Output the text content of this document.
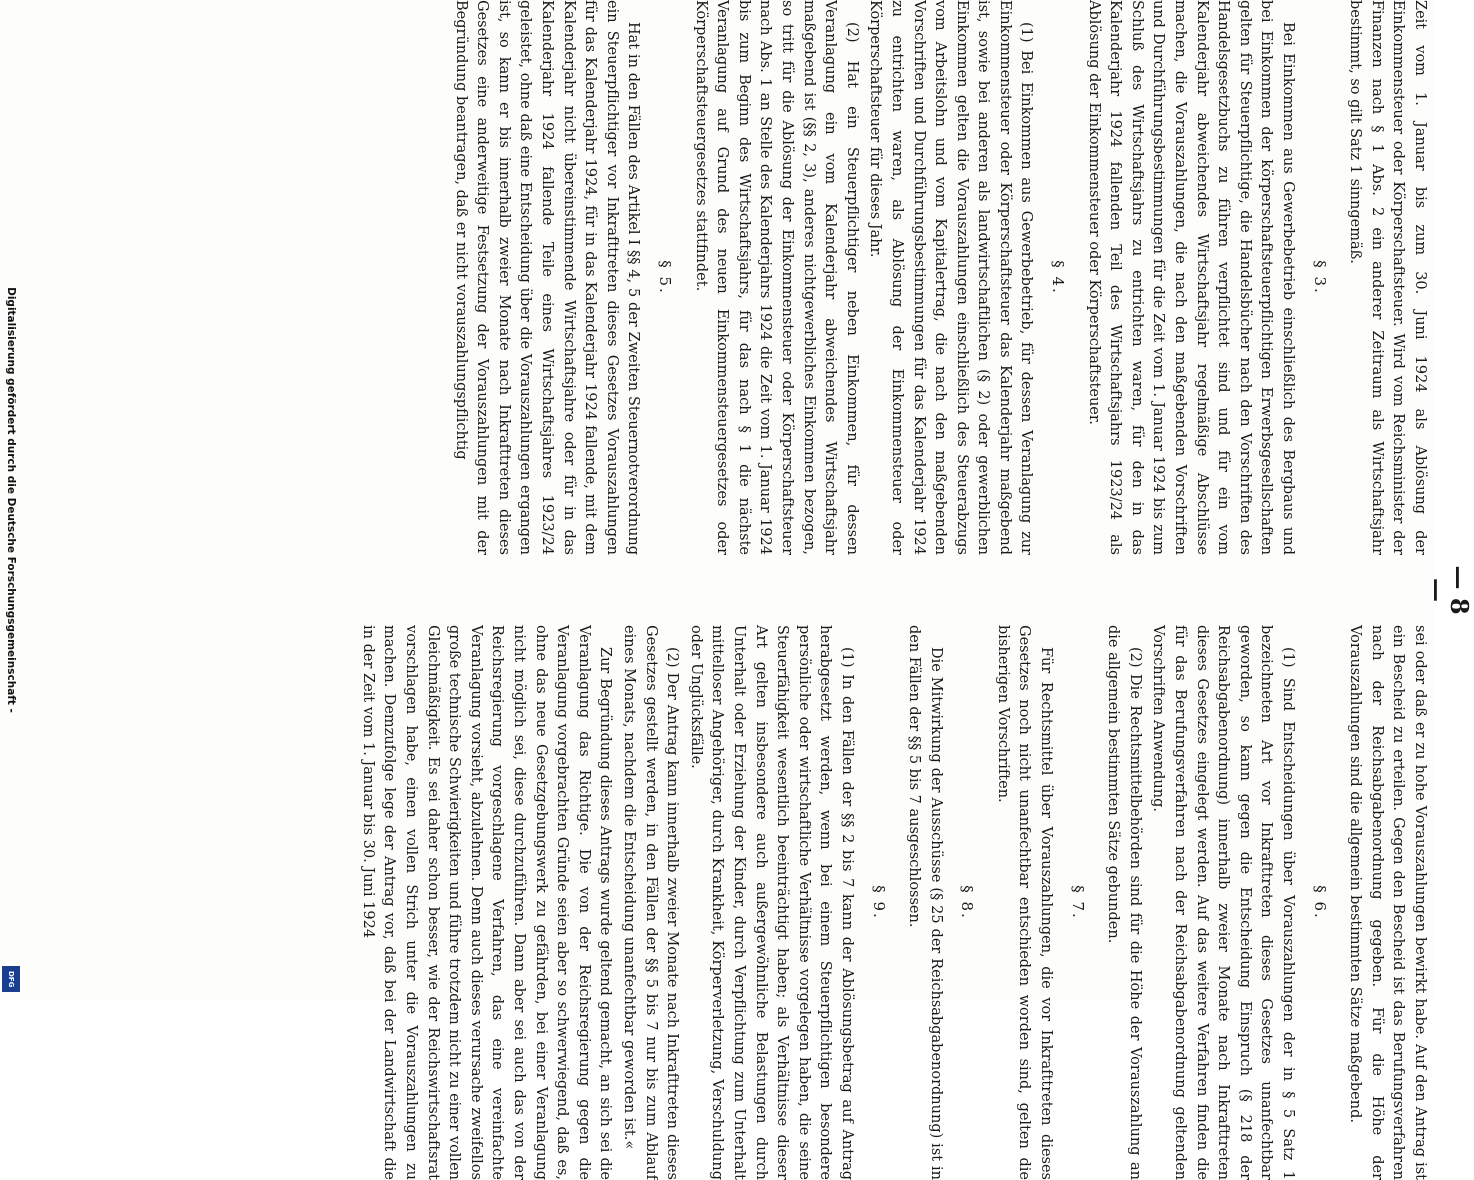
Digitalisierung gefördert durch die Deutsche Forschungsgemeinschaft -
DFG
— 8 —

Zeit vom 1. Januar bis zum 30. Juni 1924 als Ablösung der Einkommensteuer oder Körperschaftsteuer. Wird vom Reichsminister der Finanzen nach § 1 Abs. 2 ein anderer Zeitraum als Wirtschaftsjahr bestimmt, so gilt Satz 1 sinngemäß.

§ 3.

Bei Einkommen aus Gewerbebetrieb einschließlich des Bergbaus und bei Einkommen der körperschaftsteuerpflichtigen Erwerbsgesellschaften gelten für Steuerpflichtige, die Handelsbücher nach den Vorschriften des Handelsgesetzbuchs zu führen verpflichtet sind und für ein vom Kalenderjahr abweichendes Wirtschaftsjahr regelmäßige Abschlüsse machen, die Vorauszahlungen, die nach den maßgebenden Vorschriften und Durchführungsbestimmungen für die Zeit vom 1. Januar 1924 bis zum Schluß des Wirtschaftsjahrs zu entrichten waren, für den in das Kalenderjahr 1924 fallenden Teil des Wirtschaftsjahrs 1923/24 als Ablösung der Einkommensteuer oder Körperschaftsteuer.

§ 4.

(1) Bei Einkommen aus Gewerbebetrieb, für dessen Veranlagung zur Einkommensteuer oder Körperschaftsteuer das Kalenderjahr maßgebend ist, sowie bei anderen als landwirtschaftlichen (§ 2) oder gewerblichen Einkommen gelten die Vorauszahlungen einschließlich des Steuerabzugs vom Arbeitslohn und vom Kapitalertrag, die nach den maßgebenden Vorschriften und Durchführungsbestimmungen für das Kalenderjahr 1924 zu entrichten waren, als Ablösung der Einkommensteuer oder Körperschaftsteuer für dieses Jahr.

(2) Hat ein Steuerpflichtiger neben Einkommen, für dessen Veranlagung ein vom Kalenderjahr abweichendes Wirtschaftsjahr maßgebend ist (§§ 2, 3), anderes nichtgewerbliches Einkommen bezogen, so tritt für die Ablösung der Einkommensteuer oder Körperschaftsteuer nach Abs. 1 an Stelle des Kalenderjahrs 1924 die Zeit vom 1. Januar 1924 bis zum Beginn des Wirtschaftsjahrs, für das nach § 1 die nächste Veranlagung auf Grund des neuen Einkommensteuergesetzes oder Körperschaftsteuergesetzes stattfindet.

§ 5.

Hat in den Fällen des Artikel I §§ 4, 5 der Zweiten Steuernotverordnung ein Steuerpflichtiger vor Inkrafttreten dieses Gesetzes Vorauszahlungen für das Kalenderjahr 1924, für in das Kalenderjahr 1924 fallende, mit dem Kalenderjahr nicht übereinstimmende Wirtschaftsjahre oder für in das Kalenderjahr 1924 fallende Teile eines Wirtschaftsjahres 1923/24 geleistet, ohne daß eine Entscheidung über die Vorauszahlungen ergangen ist, so kann er bis innerhalb zweier Monate nach Inkrafttreten dieses Gesetzes eine anderweitige Festsetzung der Vorauszahlungen mit der Begründung beantragen, daß er nicht vorauszahlungspflichtig

sei oder daß er zu hohe Vorauszahlungen bewirkt habe. Auf den Antrag ist ein Bescheid zu erteilen. Gegen den Bescheid ist das Berufungsverfahren nach der Reichsabgabenordnung gegeben. Für die Höhe der Vorauszahlungen sind die allgemein bestimmten Sätze maßgebend.

§ 6.

(1) Sind Entscheidungen über Vorauszahlungen der in § 5 Satz 1 bezeichneten Art vor Inkrafttreten dieses Gesetzes unanfechtbar geworden, so kann gegen die Entscheidung Einspruch (§ 218 der Reichsabgabenordnung) innerhalb zweier Monate nach Inkrafttreten dieses Gesetzes eingelegt werden. Auf das weitere Verfahren finden die für das Berufungsverfahren nach der Reichsabgabenordnung geltenden Vorschriften Anwendung.

(2) Die Rechtsmittelbehörden sind für die Höhe der Vorauszahlung an die allgemein bestimmten Sätze gebunden.

§ 7.

Für Rechtsmittel über Vorauszahlungen, die vor Inkrafttreten dieses Gesetzes noch nicht unanfechtbar entschieden worden sind, gelten die bisherigen Vorschriften.

§ 8.

Die Mitwirkung der Ausschüsse (§ 25 der Reichsabgabenordnung) ist in den Fällen der §§ 5 bis 7 ausgeschlossen.

§ 9.

(1) In den Fällen der §§ 2 bis 7 kann der Ablösungsbetrag auf Antrag herabgesetzt werden, wenn bei einem Steuerpflichtigen besondere persönliche oder wirtschaftliche Verhältnisse vorgelegen haben, die seine Steuerfähigkeit wesentlich beeinträchtigt haben; als Verhältnisse dieser Art gelten insbesondere auch außergewöhnliche Belastungen durch Unterhalt oder Erziehung der Kinder, durch Verpflichtung zum Unterhalt mittelloser Angehöriger, durch Krankheit, Körperverletzung, Verschuldung oder Unglücksfälle.

(2) Der Antrag kann innerhalb zweier Monate nach Inkrafttreten dieses Gesetzes gestellt werden, in den Fällen der §§ 5 bis 7 nur bis zum Ablauf eines Monats, nachdem die Entscheidung unanfechtbar geworden ist.«

Zur Begründung dieses Antrags wurde geltend gemacht, an sich sei die Veranlagung das Richtige. Die von der Reichsregierung gegen die Veranlagung vorgebrachten Gründe seien aber so schwerwiegend, daß es, ohne das neue Gesetzgebungswerk zu gefährden, bei einer Veranlagung nicht möglich sei, diese durchzuführen. Dann aber sei auch das von der Reichsregierung vorgeschlagene Verfahren, das eine vereinfachte Veranlagung vorsieht, abzulehnen. Denn auch dieses verursache zweifellos große technische Schwierigkeiten und führe trotzdem nicht zu einer vollen Gleichmäßigkeit. Es sei daher schon besser, wie der Reichswirtschaftsrat vorschlagen habe, einen vollen Strich unter die Vorauszahlungen zu machen. Demzufolge lege der Antrag vor, daß bei der Landwirtschaft die in der Zeit vom 1. Januar bis 30. Juni 1924
